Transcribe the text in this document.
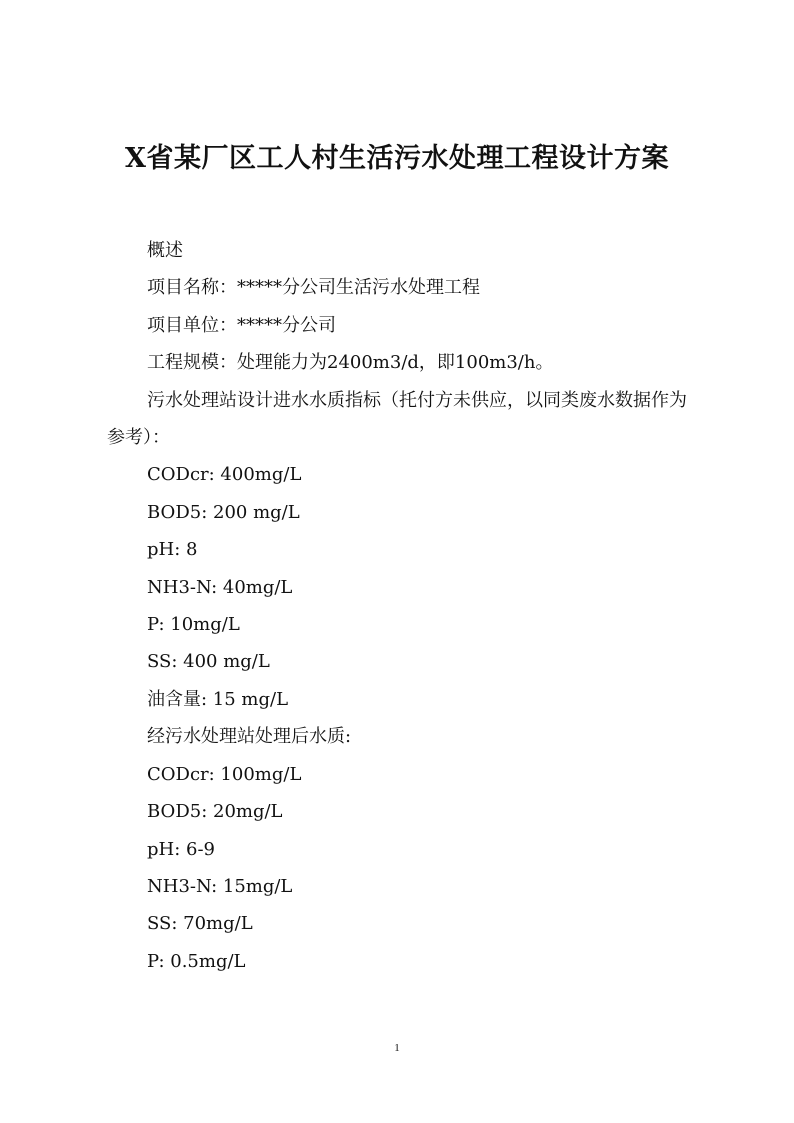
X省某厂区工人村生活污水处理工程设计方案
概述
项目名称：*****分公司生活污水处理工程
项目单位：*****分公司
工程规模：处理能力为2400m3/d，即100m3/h。
污水处理站设计进水水质指标（托付方未供应，以同类废水数据作为参考）：
CODcr: 400mg/L
BOD5: 200 mg/L
pH: 8
NH3-N: 40mg/L
P: 10mg/L
SS: 400 mg/L
油含量: 15 mg/L
经污水处理站处理后水质:
CODcr: 100mg/L
BOD5: 20mg/L
pH: 6-9
NH3-N: 15mg/L
SS: 70mg/L
P: 0.5mg/L
1
